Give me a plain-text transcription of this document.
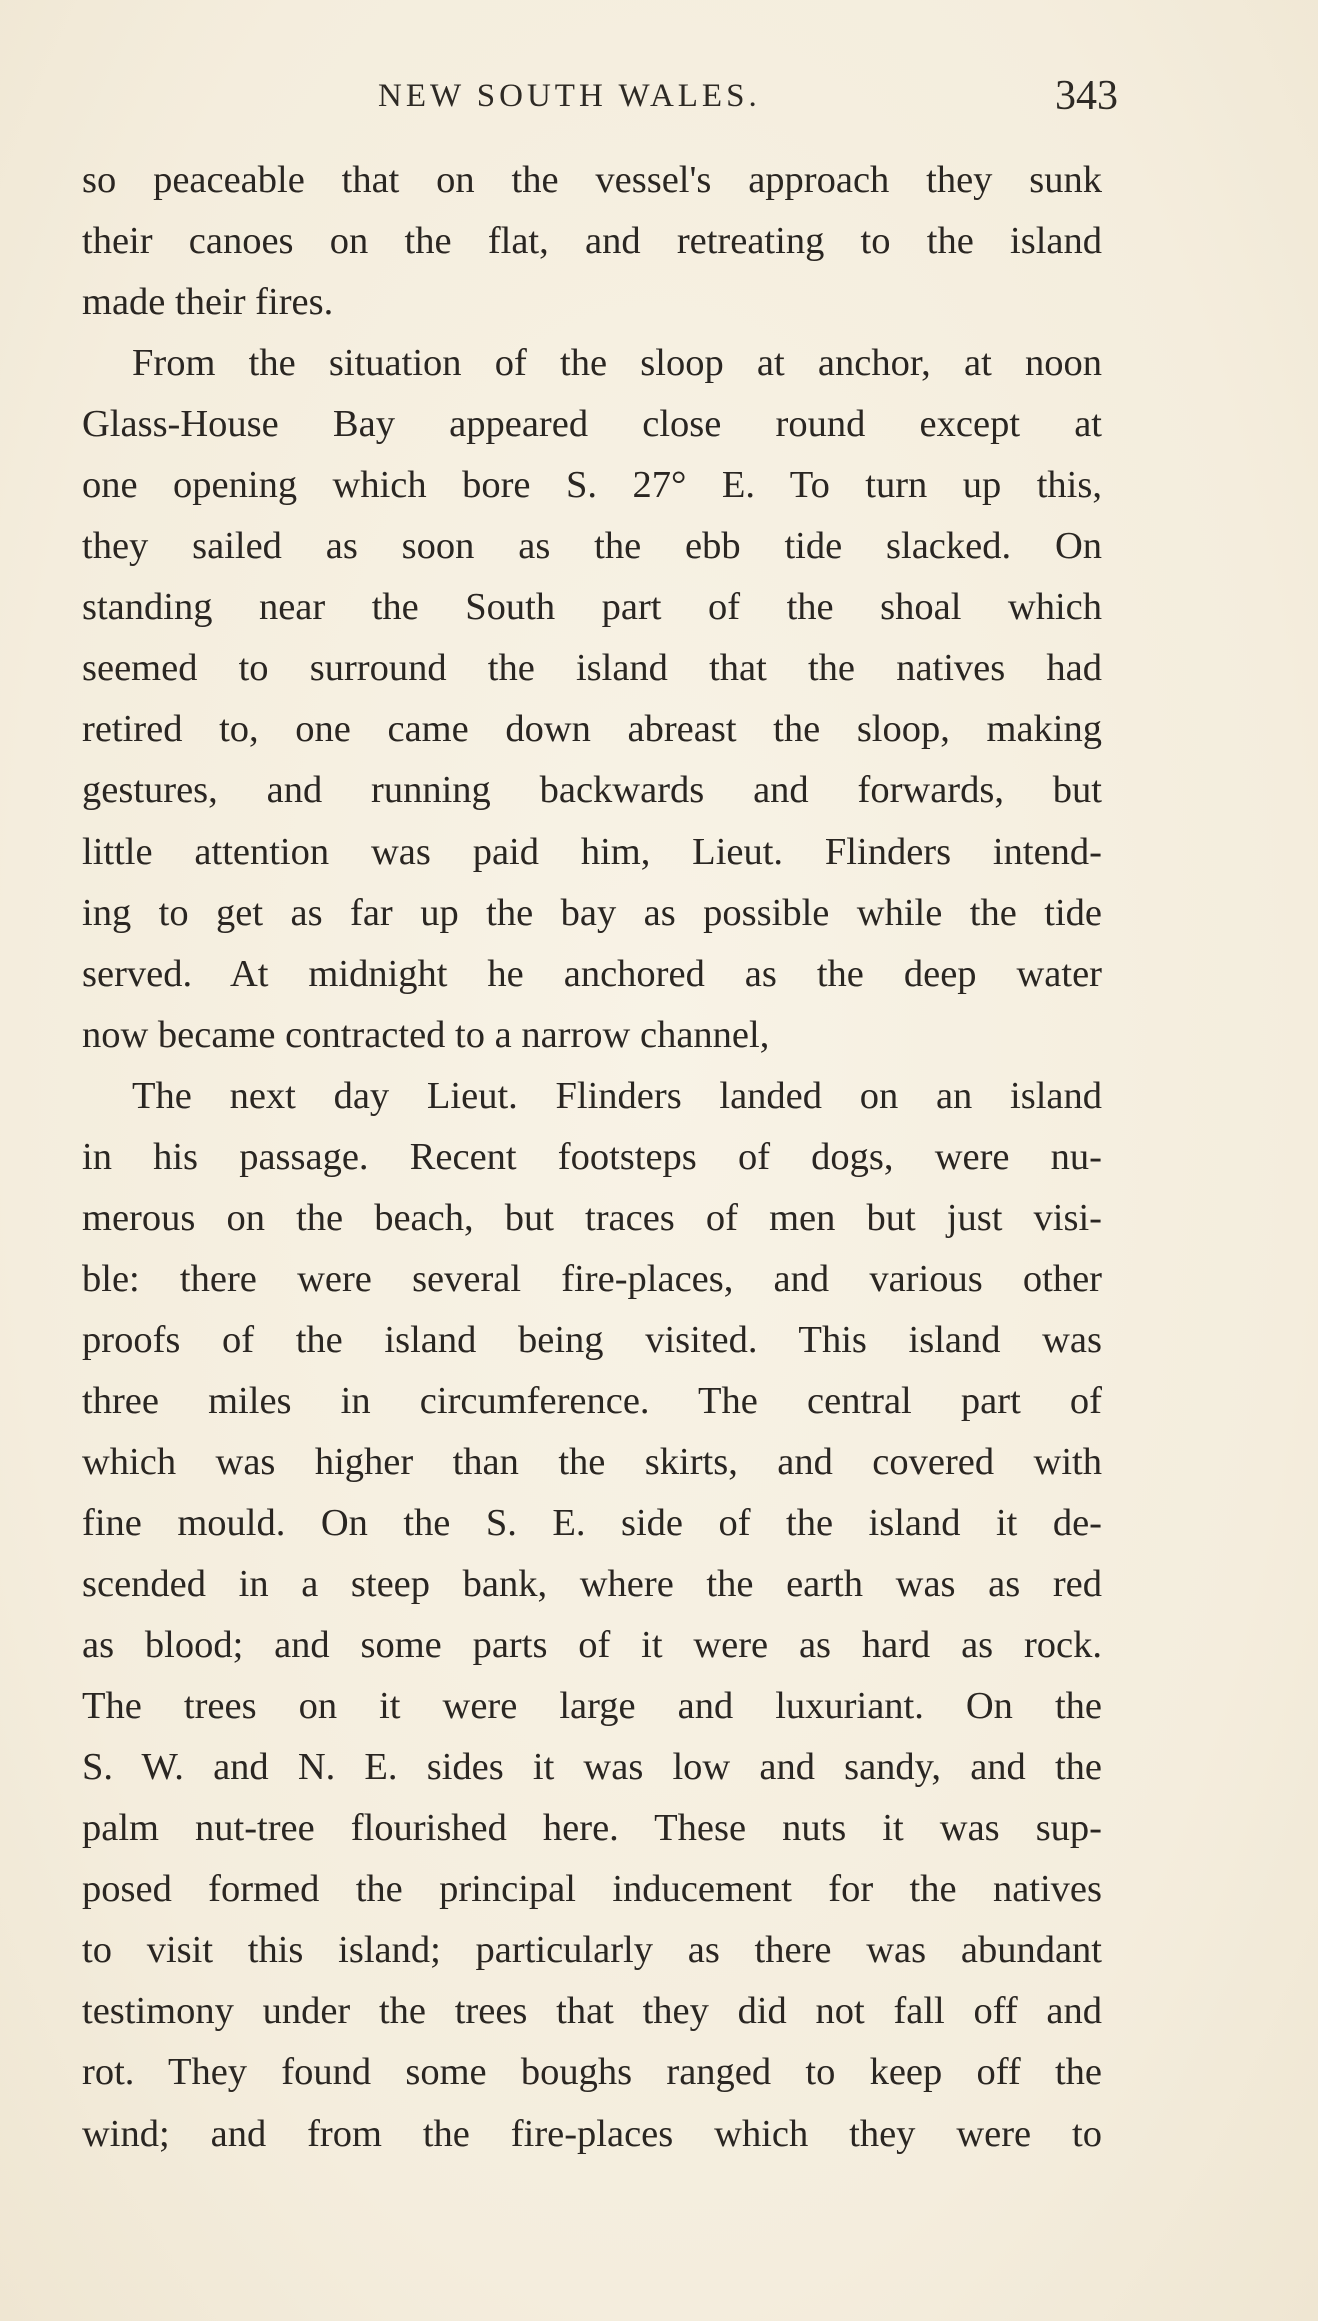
NEW SOUTH WALES.	343
so peaceable that on the vessel's approach they sunk
their canoes on the flat, and retreating to the island
made their fires.
From the situation of the sloop at anchor, at noon
Glass-House Bay appeared close round except at
one opening which bore S. 27° E. To turn up this,
they sailed as soon as the ebb tide slacked. On
standing near the South part of the shoal which
seemed to surround the island that the natives had
retired to, one came down abreast the sloop, making
gestures, and running backwards and forwards, but
little attention was paid him, Lieut. Flinders intend-
ing to get as far up the bay as possible while the tide
served. At midnight he anchored as the deep water
now became contracted to a narrow channel,
The next day Lieut. Flinders landed on an island
in his passage. Recent footsteps of dogs, were nu-
merous on the beach, but traces of men but just visi-
ble: there were several fire-places, and various other
proofs of the island being visited. This island was
three miles in circumference. The central part of
which was higher than the skirts, and covered with
fine mould. On the S. E. side of the island it de-
scended in a steep bank, where the earth was as red
as blood; and some parts of it were as hard as rock.
The trees on it were large and luxuriant. On the
S. W. and N. E. sides it was low and sandy, and the
palm nut-tree flourished here. These nuts it was sup-
posed formed the principal inducement for the natives
to visit this island; particularly as there was abundant
testimony under the trees that they did not fall off and
rot. They found some boughs ranged to keep off the
wind; and from the fire-places which they were to
